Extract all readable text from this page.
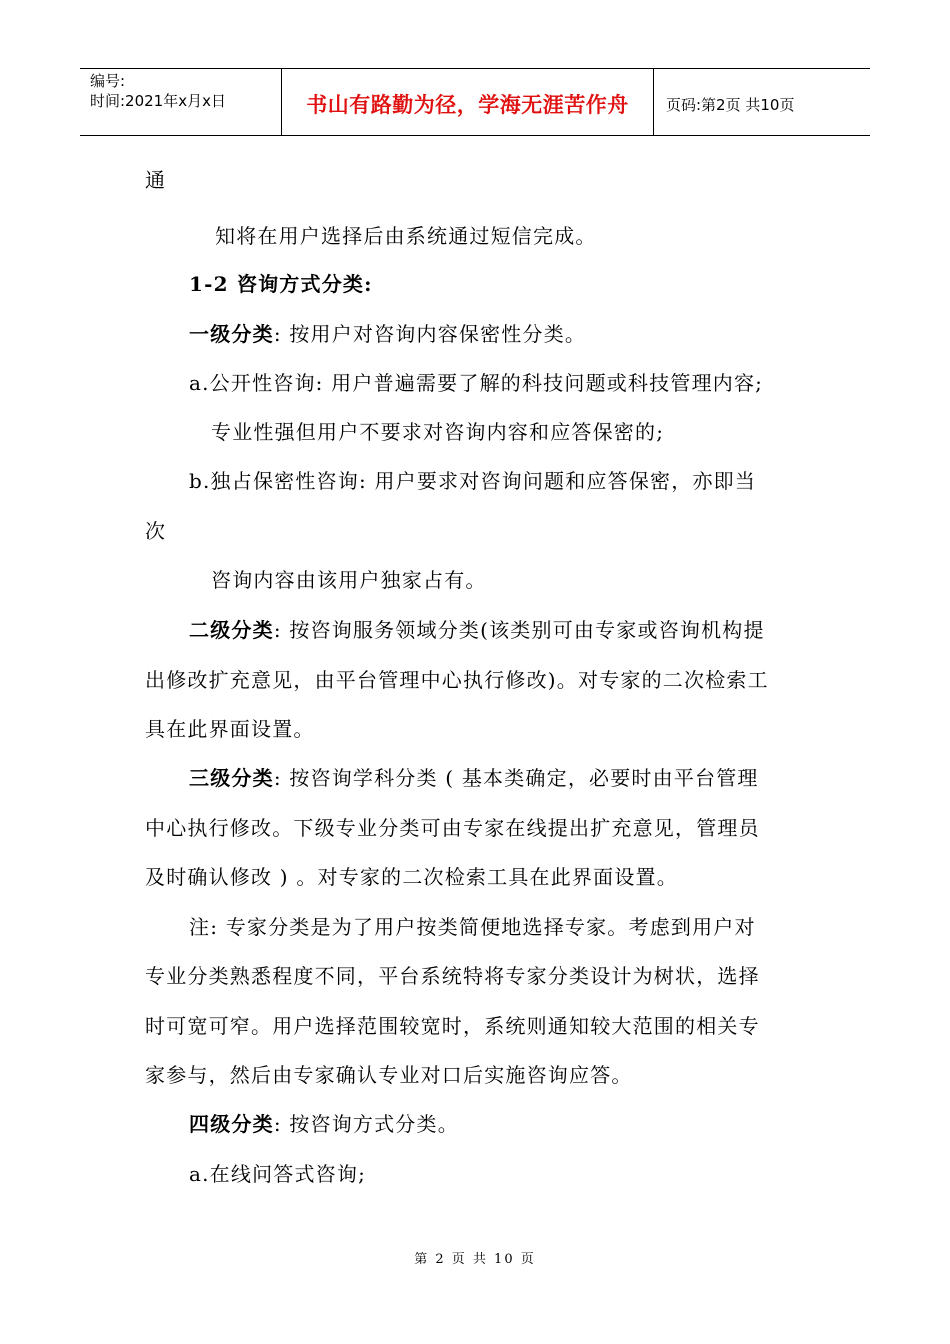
编号:
时间:2021年x月x日	书山有路勤为径，学海无涯苦作舟	页码:第2页 共10页
通
知将在用户选择后由系统通过短信完成。
1-2 咨询方式分类:
一级分类: 按用户对咨询内容保密性分类。
a.公开性咨询: 用户普遍需要了解的科技问题或科技管理内容;
专业性强但用户不要求对咨询内容和应答保密的;
b.独占保密性咨询: 用户要求对咨询问题和应答保密，亦即当
次
咨询内容由该用户独家占有。
二级分类: 按咨询服务领域分类(该类别可由专家或咨询机构提
出修改扩充意见，由平台管理中心执行修改)。对专家的二次检索工
具在此界面设置。
三级分类: 按咨询学科分类 ( 基本类确定，必要时由平台管理
中心执行修改。下级专业分类可由专家在线提出扩充意见，管理员
及时确认修改 ) 。对专家的二次检索工具在此界面设置。
注: 专家分类是为了用户按类简便地选择专家。考虑到用户对
专业分类熟悉程度不同，平台系统特将专家分类设计为树状，选择
时可宽可窄。用户选择范围较宽时，系统则通知较大范围的相关专
家参与，然后由专家确认专业对口后实施咨询应答。
四级分类: 按咨询方式分类。
a.在线问答式咨询;
第 2 页 共 10 页
